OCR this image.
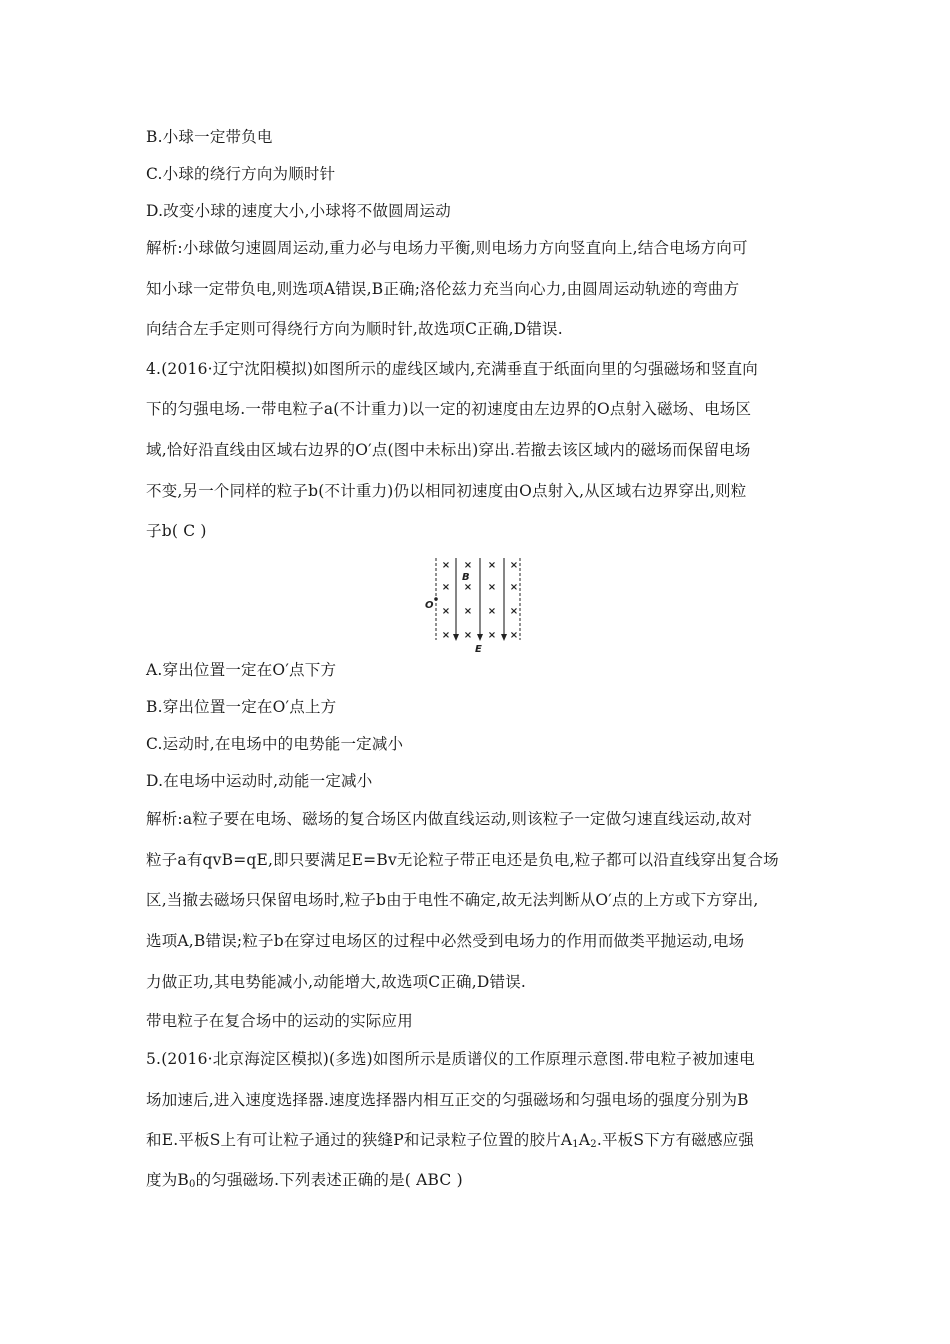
B.小球一定带负电
C.小球的绕行方向为顺时针
D.改变小球的速度大小,小球将不做圆周运动
解析:小球做匀速圆周运动,重力必与电场力平衡,则电场力方向竖直向上,结合电场方向可
知小球一定带负电,则选项A错误,B正确;洛伦兹力充当向心力,由圆周运动轨迹的弯曲方
向结合左手定则可得绕行方向为顺时针,故选项C正确,D错误.
4.(2016·辽宁沈阳模拟)如图所示的虚线区域内,充满垂直于纸面向里的匀强磁场和竖直向
下的匀强电场.一带电粒子a(不计重力)以一定的初速度由左边界的O点射入磁场、电场区
域,恰好沿直线由区域右边界的O′点(图中未标出)穿出.若撤去该区域内的磁场而保留电场
不变,另一个同样的粒子b(不计重力)仍以相同初速度由O点射入,从区域右边界穿出,则粒
子b( C )
× × × ×
× × × ×
× × × ×
× × × ×
O
B
E
A.穿出位置一定在O′点下方
B.穿出位置一定在O′点上方
C.运动时,在电场中的电势能一定减小
D.在电场中运动时,动能一定减小
解析:a粒子要在电场、磁场的复合场区内做直线运动,则该粒子一定做匀速直线运动,故对
粒子a有qvB=qE,即只要满足E=Bv无论粒子带正电还是负电,粒子都可以沿直线穿出复合场
区,当撤去磁场只保留电场时,粒子b由于电性不确定,故无法判断从O′点的上方或下方穿出,
选项A,B错误;粒子b在穿过电场区的过程中必然受到电场力的作用而做类平抛运动,电场
力做正功,其电势能减小,动能增大,故选项C正确,D错误.
带电粒子在复合场中的运动的实际应用
5.(2016·北京海淀区模拟)(多选)如图所示是质谱仪的工作原理示意图.带电粒子被加速电
场加速后,进入速度选择器.速度选择器内相互正交的匀强磁场和匀强电场的强度分别为B
和E.平板S上有可让粒子通过的狭缝P和记录粒子位置的胶片$A_1A_2$.平板S下方有磁感应强
度为$B_0$的匀强磁场.下列表述正确的是( ABC )
